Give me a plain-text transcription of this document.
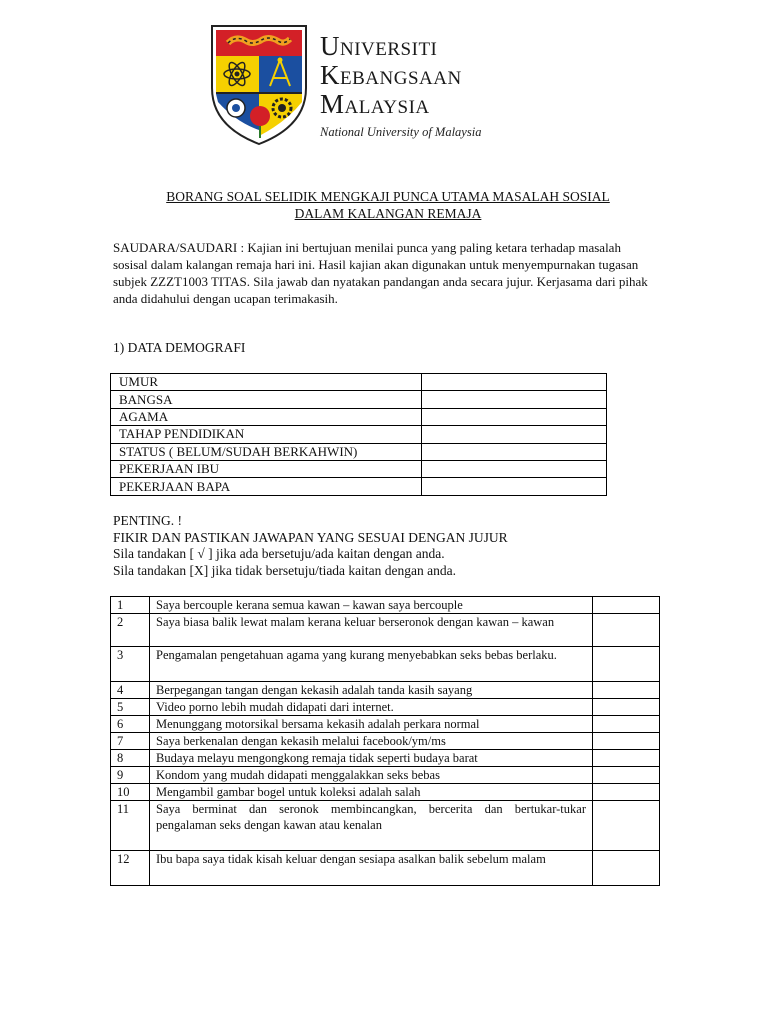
Universiti
Kebangsaan
Malaysia
National University of Malaysia
BORANG SOAL SELIDIK MENGKAJI PUNCA UTAMA MASALAH SOSIAL
DALAM KALANGAN REMAJA
SAUDARA/SAUDARI : Kajian ini bertujuan menilai punca yang paling ketara terhadap masalah sosisal dalam kalangan remaja hari ini. Hasil kajian akan digunakan untuk menyempurnakan tugasan subjek ZZZT1003 TITAS. Sila jawab dan nyatakan pandangan anda secara jujur. Kerjasama dari pihak anda didahului dengan ucapan terimakasih.
1) DATA DEMOGRAFI
UMUR	
BANGSA	
AGAMA	
TAHAP PENDIDIKAN	
STATUS ( BELUM/SUDAH BERKAHWIN)	
PEKERJAAN IBU	
PEKERJAAN BAPA	
PENTING. !
FIKIR DAN PASTIKAN JAWAPAN YANG SESUAI DENGAN JUJUR
Sila tandakan [ √ ] jika ada bersetuju/ada kaitan dengan anda.
Sila tandakan [X] jika tidak bersetuju/tiada kaitan dengan anda.
1	Saya bercouple kerana semua kawan – kawan saya bercouple	
2	Saya biasa balik lewat malam kerana keluar berseronok dengan kawan – kawan	
3	Pengamalan pengetahuan agama yang kurang menyebabkan seks bebas berlaku.	
4	Berpegangan tangan dengan kekasih adalah tanda kasih sayang	
5	Video porno lebih mudah didapati dari internet.	
6	Menunggang motorsikal bersama kekasih adalah perkara normal	
7	Saya berkenalan dengan kekasih melalui facebook/ym/ms	
8	Budaya melayu mengongkong remaja tidak seperti budaya barat	
9	Kondom yang mudah didapati menggalakkan seks bebas	
10	Mengambil gambar bogel untuk koleksi adalah salah	
11	Saya berminat dan seronok membincangkan, bercerita dan bertukar-tukar pengalaman seks dengan kawan atau kenalan	
12	Ibu bapa saya tidak kisah keluar dengan sesiapa asalkan balik sebelum malam	
